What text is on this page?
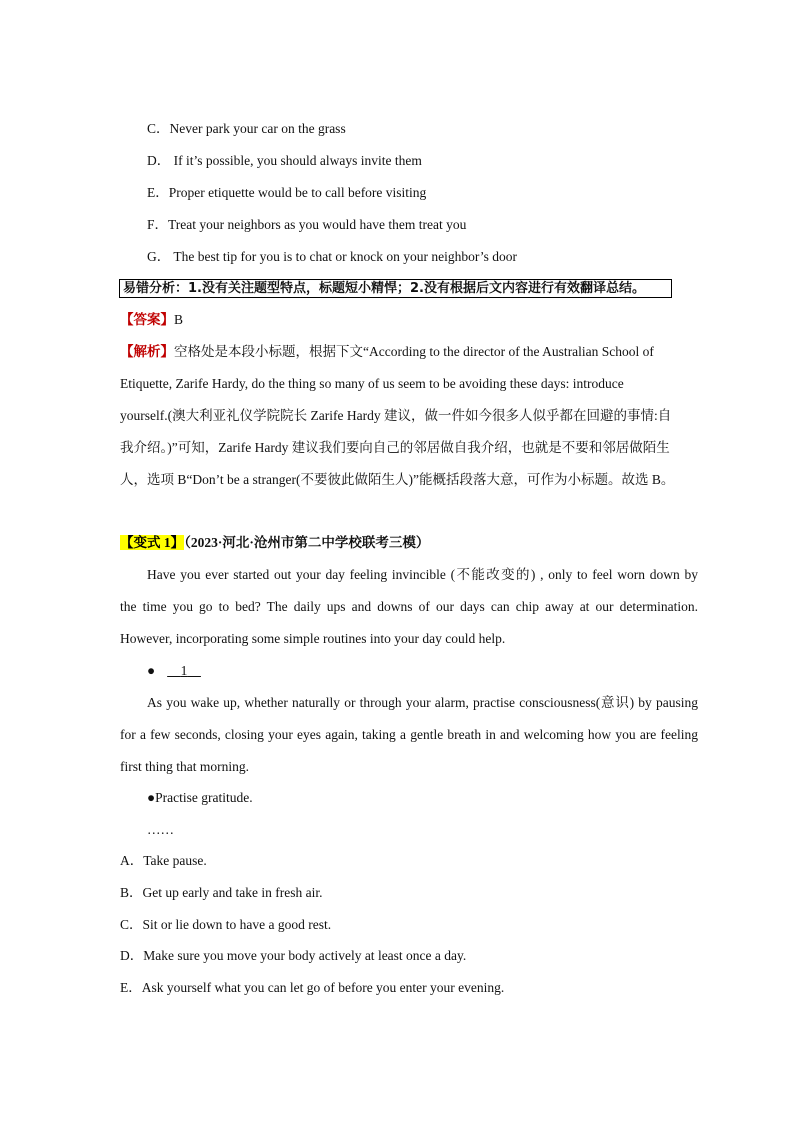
C．Never park your car on the grass
D． If it’s possible, you should always invite them
E．Proper etiquette would be to call before visiting
F．Treat your neighbors as you would have them treat you
G． The best tip for you is to chat or knock on your neighbor’s door
易错分析：1.没有关注题型特点，标题短小精悍；2.没有根据后文内容进行有效翻译总结。
【答案】B
【解析】空格处是本段小标题，根据下文“According to the director of the Australian School of
Etiquette, Zarife Hardy, do the thing so many of us seem to be avoiding these days: introduce
yourself.(澳大利亚礼仪学院院长 Zarife Hardy 建议，做一件如今很多人似乎都在回避的事情:自
我介绍。)”可知，Zarife Hardy 建议我们要向自己的邻居做自我介绍，也就是不要和邻居做陌生
人，选项 B“Don’t be a stranger(不要彼此做陌生人)”能概括段落大意，可作为小标题。故选 B。
【变式 1】（2023·河北·沧州市第二中学校联考三模）
Have you ever started out your day feeling invincible (不能改变的) , only to feel worn down by
the time you go to bed? The daily ups and downs of our days can chip away at our determination.
However, incorporating some simple routines into your day could help.
● 1
As you wake up, whether naturally or through your alarm, practise consciousness(意识) by pausing
for a few seconds, closing your eyes again, taking a gentle breath in and welcoming how you are feeling
first thing that morning.
●Practise gratitude.
……
A．Take pause.
B．Get up early and take in fresh air.
C．Sit or lie down to have a good rest.
D．Make sure you move your body actively at least once a day.
E．Ask yourself what you can let go of before you enter your evening.
